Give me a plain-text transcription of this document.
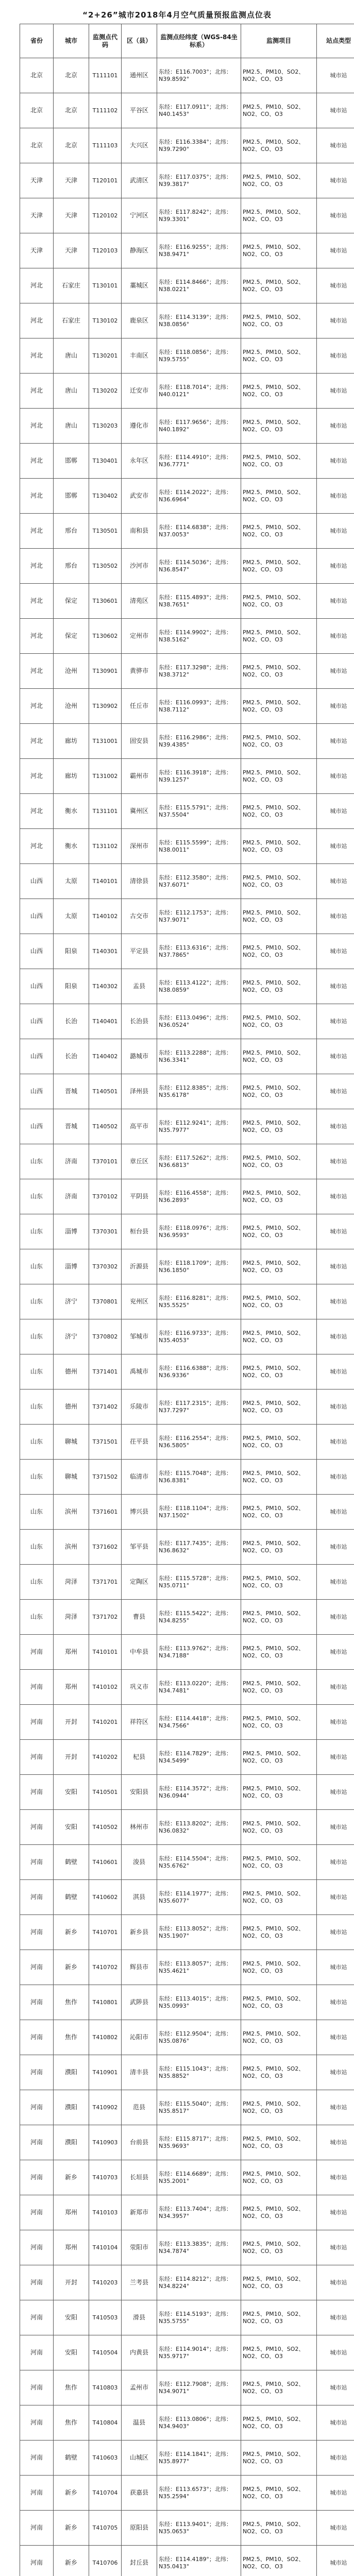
“2+26”城市2018年4月空气质量预报监测点位表
省份	城市	监测点代码	区（县）	监测点经纬度（WGS-84坐标系）	监测项目	站点类型
北京	北京	T111101	通州区	东经：E116.7003°；北纬：N39.8592°	PM2.5、PM10、SO2、NO2、CO、O3	城市站
北京	北京	T111102	平谷区	东经：E117.0911°；北纬：N40.1453°	PM2.5、PM10、SO2、NO2、CO、O3	城市站
北京	北京	T111103	大兴区	东经：E116.3384°；北纬：N39.7290°	PM2.5、PM10、SO2、NO2、CO、O3	城市站
天津	天津	T120101	武清区	东经：E117.0375°；北纬：N39.3817°	PM2.5、PM10、SO2、NO2、CO、O3	城市站
天津	天津	T120102	宁河区	东经：E117.8242°；北纬：N39.3301°	PM2.5、PM10、SO2、NO2、CO、O3	城市站
天津	天津	T120103	静海区	东经：E116.9255°；北纬：N38.9471°	PM2.5、PM10、SO2、NO2、CO、O3	城市站
河北	石家庄	T130101	藁城区	东经：E114.8466°；北纬：N38.0221°	PM2.5、PM10、SO2、NO2、CO、O3	城市站
河北	石家庄	T130102	鹿泉区	东经：E114.3139°；北纬：N38.0856°	PM2.5、PM10、SO2、NO2、CO、O3	城市站
河北	唐山	T130201	丰南区	东经：E118.0856°；北纬：N39.5755°	PM2.5、PM10、SO2、NO2、CO、O3	城市站
河北	唐山	T130202	迁安市	东经：E118.7014°；北纬：N40.0121°	PM2.5、PM10、SO2、NO2、CO、O3	城市站
河北	唐山	T130203	遵化市	东经：E117.9656°；北纬：N40.1892°	PM2.5、PM10、SO2、NO2、CO、O3	城市站
河北	邯郸	T130401	永年区	东经：E114.4910°；北纬：N36.7771°	PM2.5、PM10、SO2、NO2、CO、O3	城市站
河北	邯郸	T130402	武安市	东经：E114.2022°；北纬：N36.6964°	PM2.5、PM10、SO2、NO2、CO、O3	城市站
河北	邢台	T130501	南和县	东经：E114.6838°；北纬：N37.0053°	PM2.5、PM10、SO2、NO2、CO、O3	城市站
河北	邢台	T130502	沙河市	东经：E114.5036°；北纬：N36.8547°	PM2.5、PM10、SO2、NO2、CO、O3	城市站
河北	保定	T130601	清苑区	东经：E115.4893°；北纬：N38.7651°	PM2.5、PM10、SO2、NO2、CO、O3	城市站
河北	保定	T130602	定州市	东经：E114.9902°；北纬：N38.5162°	PM2.5、PM10、SO2、NO2、CO、O3	城市站
河北	沧州	T130901	黄骅市	东经：E117.3298°；北纬：N38.3712°	PM2.5、PM10、SO2、NO2、CO、O3	城市站
河北	沧州	T130902	任丘市	东经：E116.0993°；北纬：N38.7112°	PM2.5、PM10、SO2、NO2、CO、O3	城市站
河北	廊坊	T131001	固安县	东经：E116.2986°；北纬：N39.4385°	PM2.5、PM10、SO2、NO2、CO、O3	城市站
河北	廊坊	T131002	霸州市	东经：E116.3918°；北纬：N39.1257°	PM2.5、PM10、SO2、NO2、CO、O3	城市站
河北	衡水	T131101	冀州区	东经：E115.5791°；北纬：N37.5504°	PM2.5、PM10、SO2、NO2、CO、O3	城市站
河北	衡水	T131102	深州市	东经：E115.5599°；北纬：N38.0011°	PM2.5、PM10、SO2、NO2、CO、O3	城市站
山西	太原	T140101	清徐县	东经：E112.3580°；北纬：N37.6071°	PM2.5、PM10、SO2、NO2、CO、O3	城市站
山西	太原	T140102	古交市	东经：E112.1753°；北纬：N37.9071°	PM2.5、PM10、SO2、NO2、CO、O3	城市站
山西	阳泉	T140301	平定县	东经：E113.6316°；北纬：N37.7865°	PM2.5、PM10、SO2、NO2、CO、O3	城市站
山西	阳泉	T140302	盂县	东经：E113.4122°；北纬：N38.0859°	PM2.5、PM10、SO2、NO2、CO、O3	城市站
山西	长治	T140401	长治县	东经：E113.0496°；北纬：N36.0524°	PM2.5、PM10、SO2、NO2、CO、O3	城市站
山西	长治	T140402	潞城市	东经：E113.2288°；北纬：N36.3341°	PM2.5、PM10、SO2、NO2、CO、O3	城市站
山西	晋城	T140501	泽州县	东经：E112.8385°；北纬：N35.6178°	PM2.5、PM10、SO2、NO2、CO、O3	城市站
山西	晋城	T140502	高平市	东经：E112.9241°；北纬：N35.7977°	PM2.5、PM10、SO2、NO2、CO、O3	城市站
山东	济南	T370101	章丘区	东经：E117.5262°；北纬：N36.6813°	PM2.5、PM10、SO2、NO2、CO、O3	城市站
山东	济南	T370102	平阴县	东经：E116.4558°；北纬：N36.2893°	PM2.5、PM10、SO2、NO2、CO、O3	城市站
山东	淄博	T370301	桓台县	东经：E118.0976°；北纬：N36.9593°	PM2.5、PM10、SO2、NO2、CO、O3	城市站
山东	淄博	T370302	沂源县	东经：E118.1709°；北纬：N36.1850°	PM2.5、PM10、SO2、NO2、CO、O3	城市站
山东	济宁	T370801	兖州区	东经：E116.8281°；北纬：N35.5525°	PM2.5、PM10、SO2、NO2、CO、O3	城市站
山东	济宁	T370802	邹城市	东经：E116.9733°；北纬：N35.4053°	PM2.5、PM10、SO2、NO2、CO、O3	城市站
山东	德州	T371401	禹城市	东经：E116.6388°；北纬：N36.9336°	PM2.5、PM10、SO2、NO2、CO、O3	城市站
山东	德州	T371402	乐陵市	东经：E117.2315°；北纬：N37.7297°	PM2.5、PM10、SO2、NO2、CO、O3	城市站
山东	聊城	T371501	茌平县	东经：E116.2554°；北纬：N36.5805°	PM2.5、PM10、SO2、NO2、CO、O3	城市站
山东	聊城	T371502	临清市	东经：E115.7048°；北纬：N36.8381°	PM2.5、PM10、SO2、NO2、CO、O3	城市站
山东	滨州	T371601	博兴县	东经：E118.1104°；北纬：N37.1502°	PM2.5、PM10、SO2、NO2、CO、O3	城市站
山东	滨州	T371602	邹平县	东经：E117.7435°；北纬：N36.8632°	PM2.5、PM10、SO2、NO2、CO、O3	城市站
山东	菏泽	T371701	定陶区	东经：E115.5728°；北纬：N35.0711°	PM2.5、PM10、SO2、NO2、CO、O3	城市站
山东	菏泽	T371702	曹县	东经：E115.5422°；北纬：N34.8255°	PM2.5、PM10、SO2、NO2、CO、O3	城市站
河南	郑州	T410101	中牟县	东经：E113.9762°；北纬：N34.7188°	PM2.5、PM10、SO2、NO2、CO、O3	城市站
河南	郑州	T410102	巩义市	东经：E113.0220°；北纬：N34.7481°	PM2.5、PM10、SO2、NO2、CO、O3	城市站
河南	开封	T410201	祥符区	东经：E114.4418°；北纬：N34.7566°	PM2.5、PM10、SO2、NO2、CO、O3	城市站
河南	开封	T410202	杞县	东经：E114.7829°；北纬：N34.5499°	PM2.5、PM10、SO2、NO2、CO、O3	城市站
河南	安阳	T410501	安阳县	东经：E114.3572°；北纬：N36.0944°	PM2.5、PM10、SO2、NO2、CO、O3	城市站
河南	安阳	T410502	林州市	东经：E113.8202°；北纬：N36.0832°	PM2.5、PM10、SO2、NO2、CO、O3	城市站
河南	鹤壁	T410601	浚县	东经：E114.5504°；北纬：N35.6762°	PM2.5、PM10、SO2、NO2、CO、O3	城市站
河南	鹤壁	T410602	淇县	东经：E114.1977°；北纬：N35.6077°	PM2.5、PM10、SO2、NO2、CO、O3	城市站
河南	新乡	T410701	新乡县	东经：E113.8052°；北纬：N35.1907°	PM2.5、PM10、SO2、NO2、CO、O3	城市站
河南	新乡	T410702	辉县市	东经：E113.8057°；北纬：N35.4621°	PM2.5、PM10、SO2、NO2、CO、O3	城市站
河南	焦作	T410801	武陟县	东经：E113.4015°；北纬：N35.0993°	PM2.5、PM10、SO2、NO2、CO、O3	城市站
河南	焦作	T410802	沁阳市	东经：E112.9504°；北纬：N35.0876°	PM2.5、PM10、SO2、NO2、CO、O3	城市站
河南	濮阳	T410901	清丰县	东经：E115.1043°；北纬：N35.8852°	PM2.5、PM10、SO2、NO2、CO、O3	城市站
河南	濮阳	T410902	范县	东经：E115.5040°；北纬：N35.8517°	PM2.5、PM10、SO2、NO2、CO、O3	城市站
河南	濮阳	T410903	台前县	东经：E115.8717°；北纬：N35.9693°	PM2.5、PM10、SO2、NO2、CO、O3	城市站
河南	新乡	T410703	长垣县	东经：E114.6689°；北纬：N35.2001°	PM2.5、PM10、SO2、NO2、CO、O3	城市站
河南	郑州	T410103	新郑市	东经：E113.7404°；北纬：N34.3957°	PM2.5、PM10、SO2、NO2、CO、O3	城市站
河南	郑州	T410104	荥阳市	东经：E113.3835°；北纬：N34.7874°	PM2.5、PM10、SO2、NO2、CO、O3	城市站
河南	开封	T410203	兰考县	东经：E114.8212°；北纬：N34.8224°	PM2.5、PM10、SO2、NO2、CO、O3	城市站
河南	安阳	T410503	滑县	东经：E114.5193°；北纬：N35.5755°	PM2.5、PM10、SO2、NO2、CO、O3	城市站
河南	安阳	T410504	内黄县	东经：E114.9014°；北纬：N35.9717°	PM2.5、PM10、SO2、NO2、CO、O3	城市站
河南	焦作	T410803	孟州市	东经：E112.7908°；北纬：N34.9071°	PM2.5、PM10、SO2、NO2、CO、O3	城市站
河南	焦作	T410804	温县	东经：E113.0806°；北纬：N34.9403°	PM2.5、PM10、SO2、NO2、CO、O3	城市站
河南	鹤壁	T410603	山城区	东经：E114.1841°；北纬：N35.8977°	PM2.5、PM10、SO2、NO2、CO、O3	城市站
河南	新乡	T410704	获嘉县	东经：E113.6573°；北纬：N35.2594°	PM2.5、PM10、SO2、NO2、CO、O3	城市站
河南	新乡	T410705	原阳县	东经：E113.9401°；北纬：N35.0653°	PM2.5、PM10、SO2、NO2、CO、O3	城市站
河南	新乡	T410706	封丘县	东经：E114.4189°；北纬：N35.0413°	PM2.5、PM10、SO2、NO2、CO、O3	城市站
